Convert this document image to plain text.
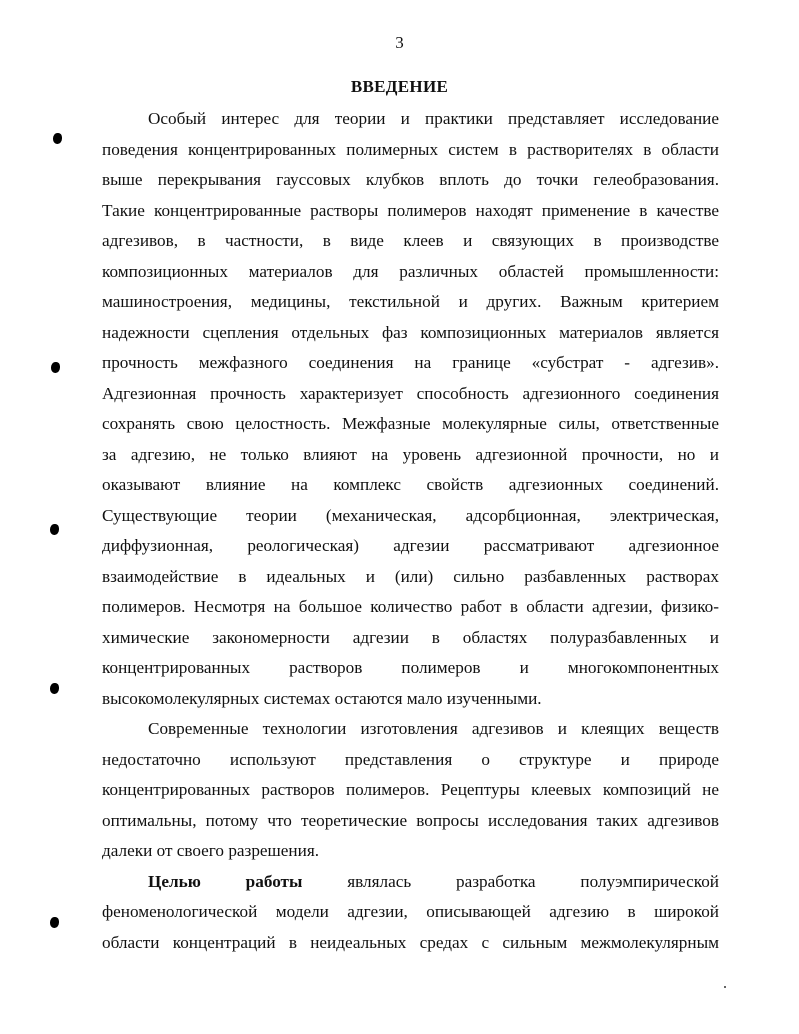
3
ВВЕДЕНИЕ

Особый интерес для теории и практики представляет исследование
поведения концентрированных полимерных систем в растворителях в области
выше перекрывания гауссовых клубков вплоть до точки гелеобразования.
Такие концентрированные растворы полимеров находят применение в качестве
адгезивов, в частности, в виде клеев и связующих в производстве
композиционных материалов для различных областей промышленности:
машиностроения, медицины, текстильной и других. Важным критерием
надежности сцепления отдельных фаз композиционных материалов является
прочность межфазного соединения на границе «субстрат - адгезив».
Адгезионная прочность характеризует способность адгезионного соединения
сохранять свою целостность. Межфазные молекулярные силы, ответственные
за адгезию, не только влияют на уровень адгезионной прочности, но и
оказывают влияние на комплекс свойств адгезионных соединений.
Существующие теории (механическая, адсорбционная, электрическая,
диффузионная, реологическая) адгезии рассматривают адгезионное
взаимодействие в идеальных и (или) сильно разбавленных растворах
полимеров. Несмотря на большое количество работ в области адгезии, физико-
химические закономерности адгезии в областях полуразбавленных и
концентрированных растворов полимеров и многокомпонентных
высокомолекулярных системах остаются мало изученными.

Современные технологии изготовления адгезивов и клеящих веществ
недостаточно используют представления о структуре и природе
концентрированных растворов полимеров. Рецептуры клеевых композиций не
оптимальны, потому что теоретические вопросы исследования таких адгезивов
далеки от своего разрешения.

Целью работы	являлась разработка полуэмпирической
феноменологической модели адгезии, описывающей адгезию в широкой
области концентраций в неидеальных средах с сильным межмолекулярным
